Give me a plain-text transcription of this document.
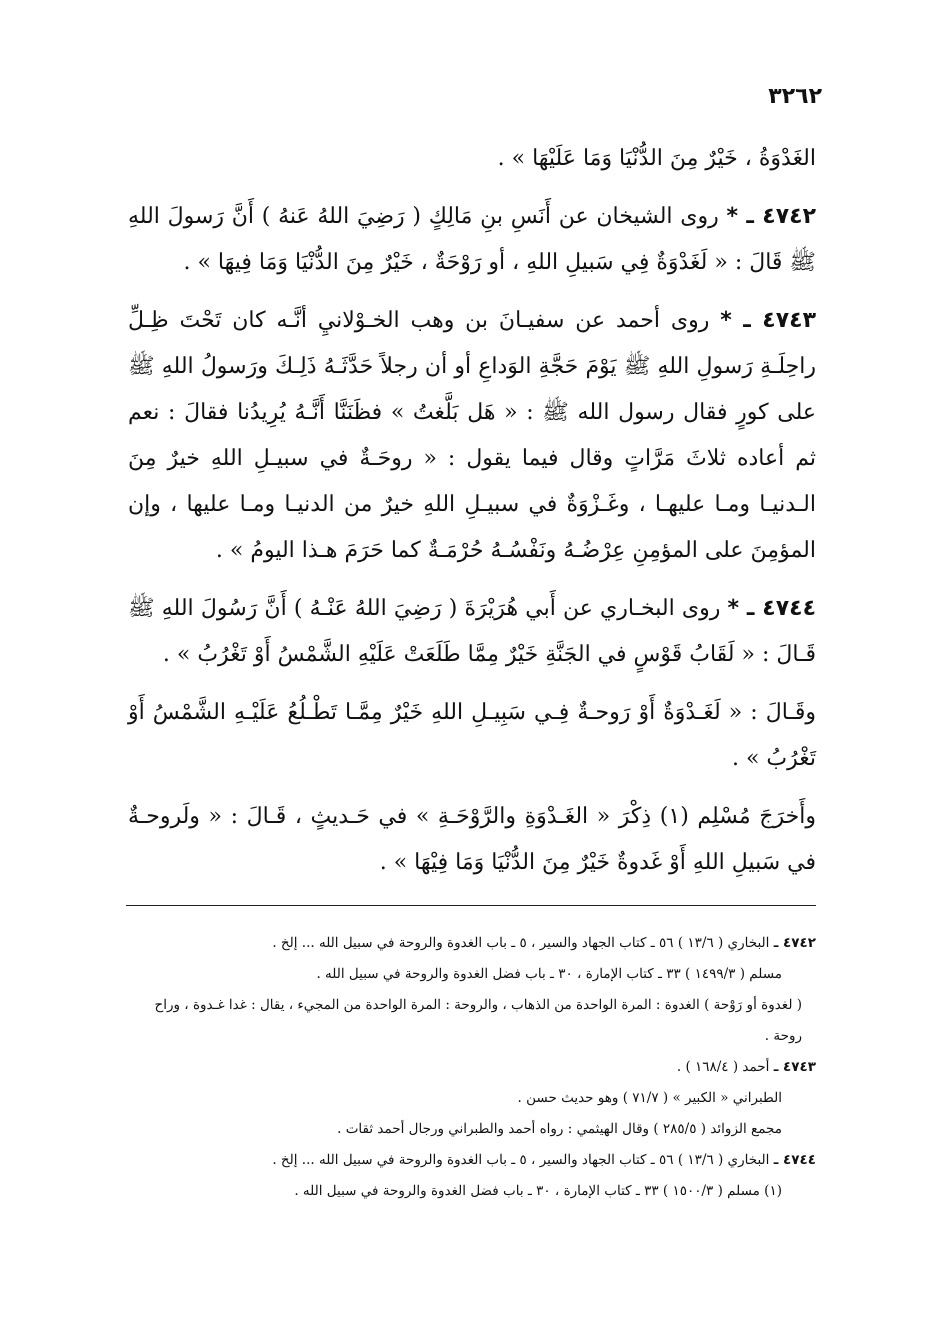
٣٢٦٢

الغَدْوَةُ ، خَيْرٌ مِنَ الدُّنْيَا وَمَا عَلَيْهَا » .

٤٧٤٢ ـ * روى الشيخان عن أَنَسِ بنِ مَالِكٍ ( رَضِيَ اللهُ عَنهُ ) أَنَّ رَسولَ اللهِ ﷺ قَالَ : « لَغَدْوَةٌ فِي سَبيلِ اللهِ ، أو رَوْحَةٌ ، خَيْرٌ مِنَ الدُّنْيَا وَمَا فِيهَا » .

٤٧٤٣ ـ * روى أحمد عن سفيـانَ بن وهب الخـوْلانيِ أنَّـه كان تَحْتَ ظِـلِّ راحِلَـةِ رَسولِ اللهِ ﷺ يَوْمَ حَجَّةِ الوَداعِ أو أن رجلاً حَدَّثَـهُ ذَلِـكَ ورَسولُ اللهِ ﷺ على كورٍ فقال رسول الله ﷺ : « هَل بَلَّغتُ » فظَنَنَّا أَنَّـهُ يُرِيدُنا فقالَ : نعم ثم أعاده ثلاثَ مَرَّاتٍ وقال فيما يقول : « روحَـةٌ في سبيـلِ اللهِ خيرٌ مِنَ الـدنيـا ومـا عليهـا ، وغَـزْوَةٌ في سبيـلِ اللهِ خيرٌ من الدنيـا ومـا عليها ، وإن المؤمِنَ على المؤمِنِ عِرْضُـهُ ونَفْسُـهُ حُرْمَـةٌ كما حَرَمَ هـذا اليومُ » .

٤٧٤٤ ـ * روى البخـاري عن أَبي هُرَيْرَةَ ( رَضِيَ اللهُ عَنْـهُ ) أَنَّ رَسُولَ اللهِ ﷺ قَـالَ : « لَقَابُ قَوْسٍ في الجَنَّةِ خَيْرٌ مِمَّا طَلَعَتْ عَلَيْهِ الشَّمْسُ أَوْ تَغْرُبُ » .

وقَـالَ : « لَغَـدْوَةٌ أَوْ رَوحـةٌ فِـي سَبِيـلِ اللهِ خَيْرٌ مِمَّـا تَطْـلُعُ عَلَيْـهِ الشَّمْسُ أَوْ تَغْرُبُ » .

وأَخرَجَ مُسْلِم (١) ذِكْرَ « الغَـدْوَةِ والرَّوْحَـةِ » في حَـديثٍ ، قَـالَ : « ولَروحـةٌ في سَبيلِ اللهِ أَوْ غَدوةٌ خَيْرٌ مِنَ الدُّنْيَا وَمَا فِيْهَا » .

٤٧٤٢ ـ البخاري ( ١٣/٦ ) ٥٦ ـ كتاب الجهاد والسير ، ٥ ـ باب الغدوة والروحة في سبيل الله ... إلخ .

مسلم ( ١٤٩٩/٣ ) ٣٣ ـ كتاب الإمارة ، ٣٠ ـ باب فضل الغدوة والروحة في سبيل الله .

( لغدوة أو رَوْحة ) الغدوة : المرة الواحدة من الذهاب ، والروحة : المرة الواحدة من المجيء ، يقال : غدا غـدوة ، وراح روحة .

٤٧٤٣ ـ أحمد ( ١٦٨/٤ ) .

الطبراني « الكبير » ( ٧١/٧ ) وهو حديث حسن .

مجمع الزوائد ( ٢٨٥/٥ ) وقال الهيثمي : رواه أحمد والطبراني ورجال أحمد ثقات .

٤٧٤٤ ـ البخاري ( ١٣/٦ ) ٥٦ ـ كتاب الجهاد والسير ، ٥ ـ باب الغدوة والروحة في سبيل الله ... إلخ .

(١) مسلم ( ١٥٠٠/٣ ) ٣٣ ـ كتاب الإمارة ، ٣٠ ـ باب فضل الغدوة والروحة في سبيل الله .
